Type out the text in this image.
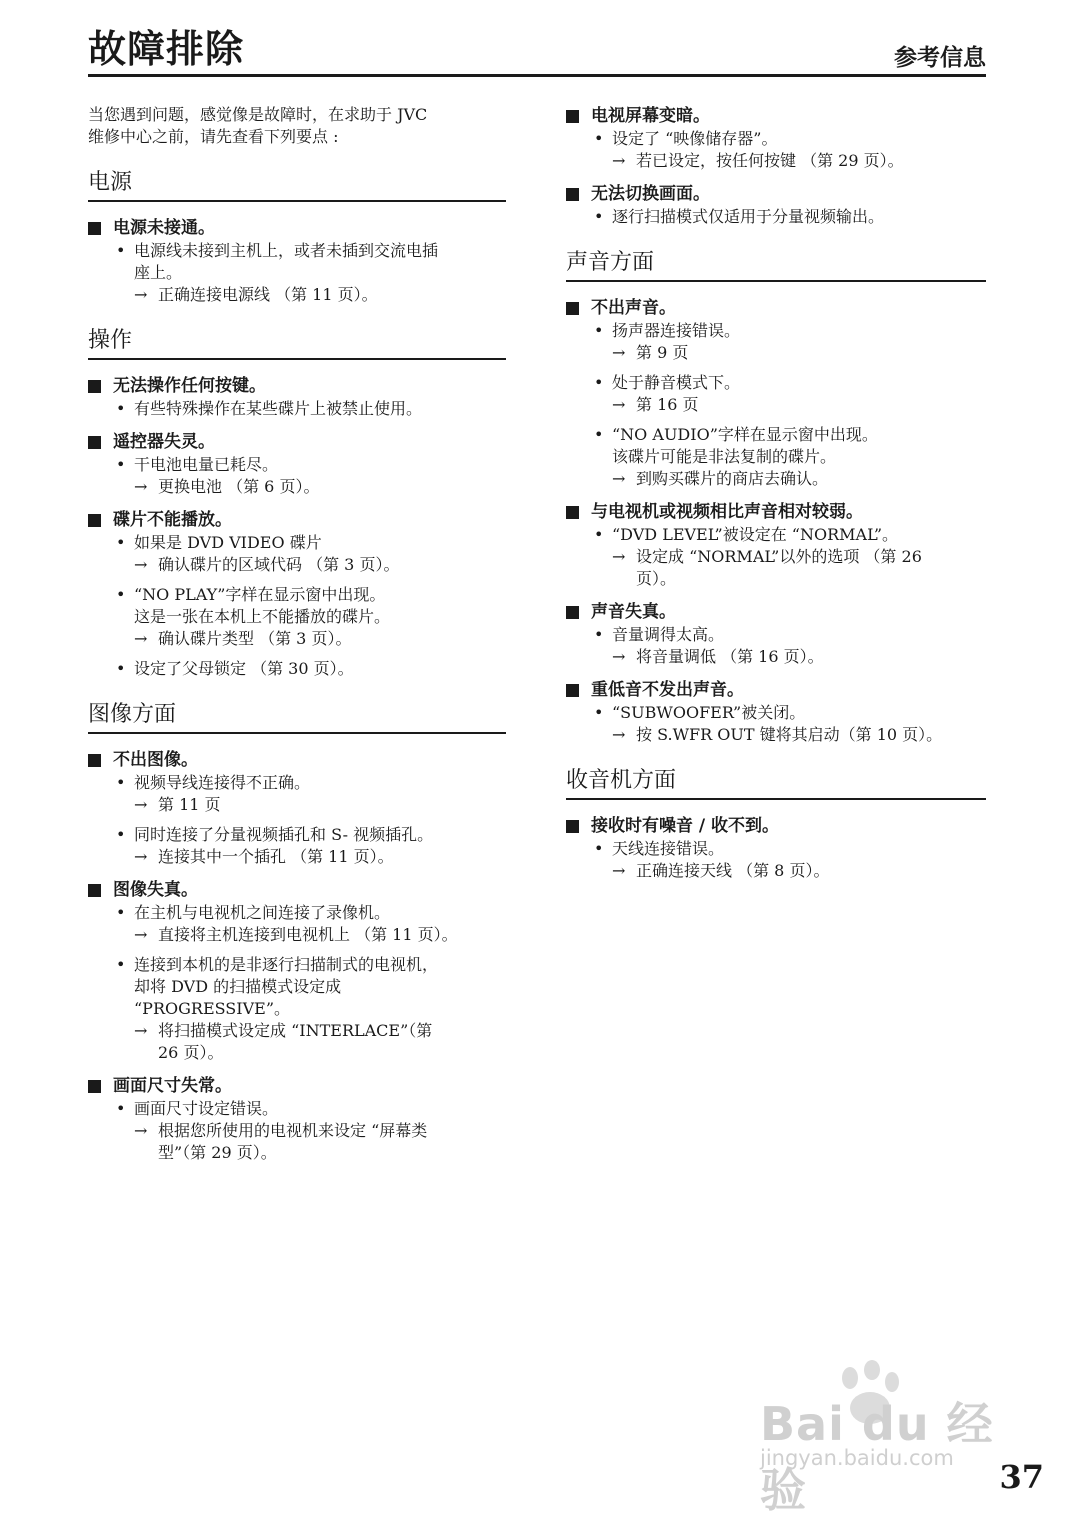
故障排除	参考信息
当您遇到问题，感觉像是故障时，在求助于 JVC
维修中心之前，请先查看下列要点 :
电源
电源未接通。
• 电源线未接到主机上，或者未插到交流电插
座上。
→ 正确连接电源线 （第 11 页）。
操作
无法操作任何按键。
• 有些特殊操作在某些碟片上被禁止使用。
遥控器失灵。
• 干电池电量已耗尽。
→ 更换电池 （第 6 页）。
碟片不能播放。
• 如果是 DVD VIDEO 碟片
→ 确认碟片的区域代码 （第 3 页）。
• “NO PLAY”字样在显示窗中出现。
这是一张在本机上不能播放的碟片。
→ 确认碟片类型 （第 3 页）。
• 设定了父母锁定 （第 30 页）。
图像方面
不出图像。
• 视频导线连接得不正确。
→ 第 11 页
• 同时连接了分量视频插孔和 S- 视频插孔。
→ 连接其中一个插孔 （第 11 页）。
图像失真。
• 在主机与电视机之间连接了录像机。
→ 直接将主机连接到电视机上 （第 11 页）。
• 连接到本机的是非逐行扫描制式的电视机，
却将 DVD 的扫描模式设定成
“PROGRESSIVE”。
→ 将扫描模式设定成 “INTERLACE”（第
26 页）。
画面尺寸失常。
• 画面尺寸设定错误。
→ 根据您所使用的电视机来设定 “屏幕类
型”（第 29 页）。
电视屏幕变暗。
• 设定了 “映像储存器”。
→ 若已设定，按任何按键 （第 29 页）。
无法切换画面。
• 逐行扫描模式仅适用于分量视频输出。
声音方面
不出声音。
• 扬声器连接错误。
→ 第 9 页
• 处于静音模式下。
→ 第 16 页
• “NO AUDIO”字样在显示窗中出现。
该碟片可能是非法复制的碟片。
→ 到购买碟片的商店去确认。
与电视机或视频相比声音相对较弱。
• “DVD LEVEL”被设定在 “NORMAL”。
→ 设定成 “NORMAL”以外的选项 （第 26
页）。
声音失真。
• 音量调得太高。
→ 将音量调低 （第 16 页）。
重低音不发出声音。
• “SUBWOOFER”被关闭。
→ 按 S.WFR OUT 键将其启动（第 10 页）。
收音机方面
接收时有噪音 / 收不到。
• 天线连接错误。
→ 正确连接天线 （第 8 页）。
Bai du 经验
jingyan.baidu.com 37
